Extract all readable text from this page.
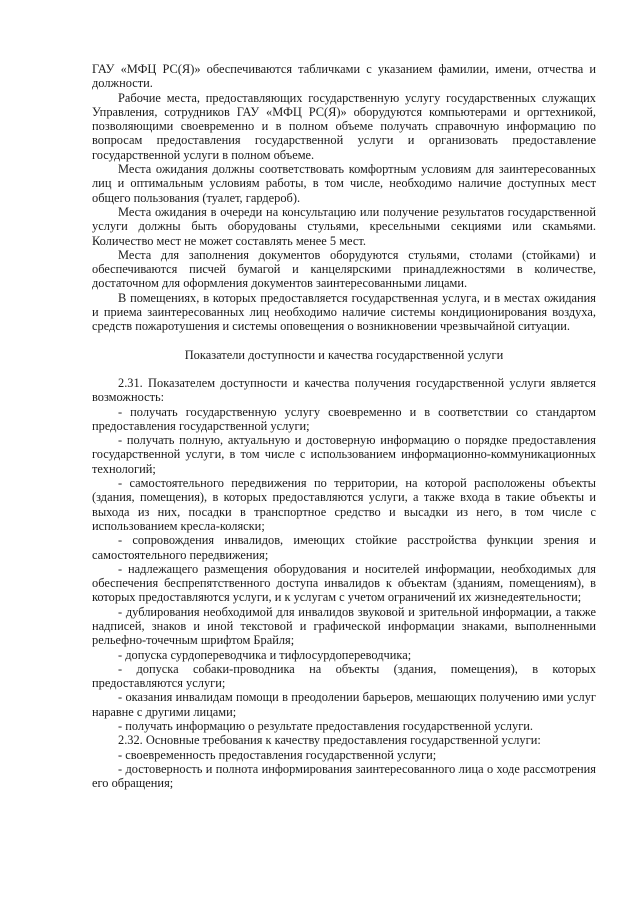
ГАУ «МФЦ РС(Я)» обеспечиваются табличками с указанием фамилии, имени, отчества и должности.

Рабочие места, предоставляющих государственную услугу государственных служащих Управления, сотрудников ГАУ «МФЦ РС(Я)» оборудуются компьютерами и оргтехникой, позволяющими своевременно и в полном объеме получать справочную информацию по вопросам предоставления государственной услуги и организовать предоставление государственной услуги в полном объеме.

Места ожидания должны соответствовать комфортным условиям для заинтересованных лиц и оптимальным условиям работы, в том числе, необходимо наличие доступных мест общего пользования (туалет, гардероб).

Места ожидания в очереди на консультацию или получение результатов государственной услуги должны быть оборудованы стульями, кресельными секциями или скамьями. Количество мест не может составлять менее 5 мест.

Места для заполнения документов оборудуются стульями, столами (стойками) и обеспечиваются писчей бумагой и канцелярскими принадлежностями в количестве, достаточном для оформления документов заинтересованными лицами.

В помещениях, в которых предоставляется государственная услуга, и в местах ожидания и приема заинтересованных лиц необходимо наличие системы кондиционирования воздуха, средств пожаротушения и системы оповещения о возникновении чрезвычайной ситуации.

Показатели доступности и качества государственной услуги

2.31. Показателем доступности и качества получения государственной услуги является возможность:

- получать государственную услугу своевременно и в соответствии со стандартом предоставления государственной услуги;

- получать полную, актуальную и достоверную информацию о порядке предоставления государственной услуги, в том числе с использованием информационно-коммуникационных технологий;

- самостоятельного передвижения по территории, на которой расположены объекты (здания, помещения), в которых предоставляются услуги, а также входа в такие объекты и выхода из них, посадки в транспортное средство и высадки из него, в том числе с использованием кресла-коляски;

- сопровождения инвалидов, имеющих стойкие расстройства функции зрения и самостоятельного передвижения;

- надлежащего размещения оборудования и носителей информации, необходимых для обеспечения беспрепятственного доступа инвалидов к объектам (зданиям, помещениям), в которых предоставляются услуги, и к услугам с учетом ограничений их жизнедеятельности;

- дублирования необходимой для инвалидов звуковой и зрительной информации, а также надписей, знаков и иной текстовой и графической информации знаками, выполненными рельефно-точечным шрифтом Брайля;

- допуска сурдопереводчика и тифлосурдопереводчика;

- допуска собаки-проводника на объекты (здания, помещения), в которых предоставляются услуги;

- оказания инвалидам помощи в преодолении барьеров, мешающих получению ими услуг наравне с другими лицами;

- получать информацию о результате предоставления государственной услуги.

2.32. Основные требования к качеству предоставления государственной услуги:

- своевременность предоставления государственной услуги;

- достоверность и полнота информирования заинтересованного лица о ходе рассмотрения его обращения;
